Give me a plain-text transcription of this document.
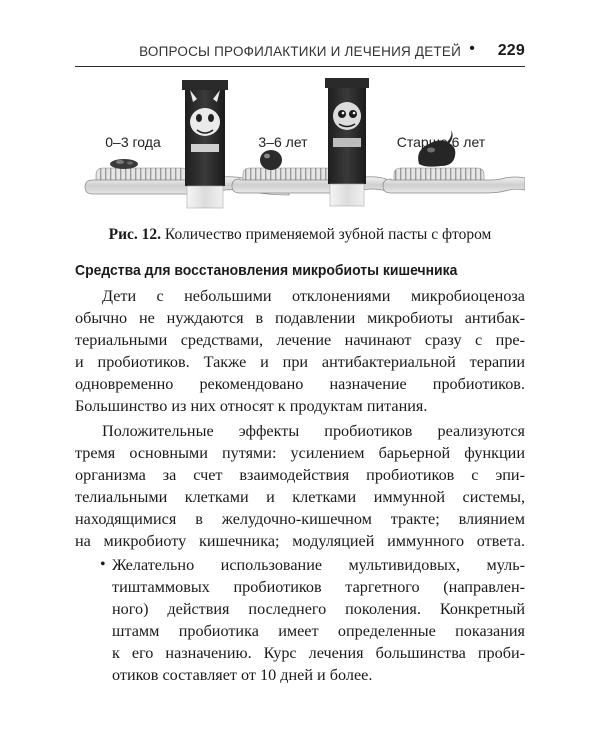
ВОПРОСЫ ПРОФИЛАКТИКИ И ЛЕЧЕНИЯ ДЕТЕЙ • 229
0–3 года	3–6 лет	Старше 6 лет
Рис. 12. Количество применяемой зубной пасты с фтором
Средства для восстановления микробиоты кишечника
Дети с небольшими отклонениями микробиоценоза
обычно не нуждаются в подавлении микробиоты антибак-
териальными средствами, лечение начинают сразу с пре-
и пробиотиков. Также и при антибактериальной терапии
одновременно рекомендовано назначение пробиотиков.
Большинство из них относят к продуктам питания.
Положительные эффекты пробиотиков реализуются
тремя основными путями: усилением барьерной функции
организма за счет взаимодействия пробиотиков с эпи-
телиальными клетками и клетками иммунной системы,
находящимися в желудочно-кишечном тракте; влиянием
на микробиоту кишечника; модуляцией иммунного ответа.
• Желательно использование мультивидовых, муль-
тиштаммовых пробиотиков таргетного (направлен-
ного) действия последнего поколения. Конкретный
штамм пробиотика имеет определенные показания
к его назначению. Курс лечения большинства проби-
отиков составляет от 10 дней и более.
